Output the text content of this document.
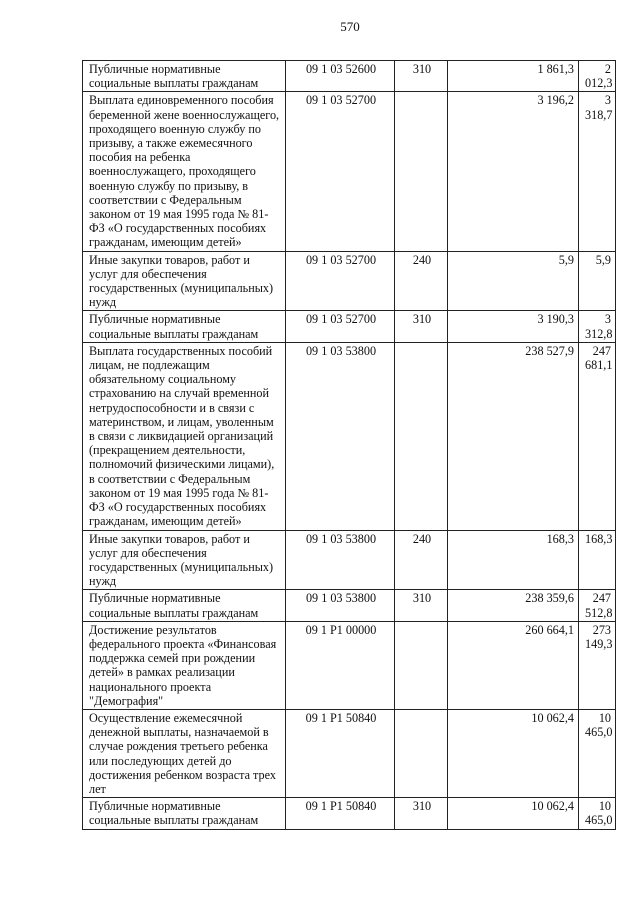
570
Публичные нормативные социальные выплаты гражданам	09 1 03 52600	310	1 861,3	2 012,3
Выплата единовременного пособия беременной жене военнослужащего, проходящего военную службу по призыву, а также ежемесячного пособия на ребенка военнослужащего, проходящего военную службу по призыву, в соответствии с Федеральным законом от 19 мая 1995 года № 81-ФЗ «О государственных пособиях гражданам, имеющим детей»	09 1 03 52700		3 196,2	3 318,7
Иные закупки товаров, работ и услуг для обеспечения государственных (муниципальных) нужд	09 1 03 52700	240	5,9	5,9
Публичные нормативные социальные выплаты гражданам	09 1 03 52700	310	3 190,3	3 312,8
Выплата государственных пособий лицам, не подлежащим обязательному социальному страхованию на случай временной нетрудоспособности и в связи с материнством, и лицам, уволенным в связи с ликвидацией организаций (прекращением деятельности, полномочий физическими лицами), в соответствии с Федеральным законом от 19 мая 1995 года № 81-ФЗ «О государственных пособиях гражданам, имеющим детей»	09 1 03 53800		238 527,9	247 681,1
Иные закупки товаров, работ и услуг для обеспечения государственных (муниципальных) нужд	09 1 03 53800	240	168,3	168,3
Публичные нормативные социальные выплаты гражданам	09 1 03 53800	310	238 359,6	247 512,8
Достижение результатов федерального проекта «Финансовая поддержка семей при рождении детей» в рамках реализации национального проекта "Демография"	09 1 P1 00000		260 664,1	273 149,3
Осуществление ежемесячной денежной выплаты, назначаемой в случае рождения третьего ребенка или последующих детей до достижения ребенком возраста трех лет	09 1 P1 50840		10 062,4	10 465,0
Публичные нормативные социальные выплаты гражданам	09 1 P1 50840	310	10 062,4	10 465,0
